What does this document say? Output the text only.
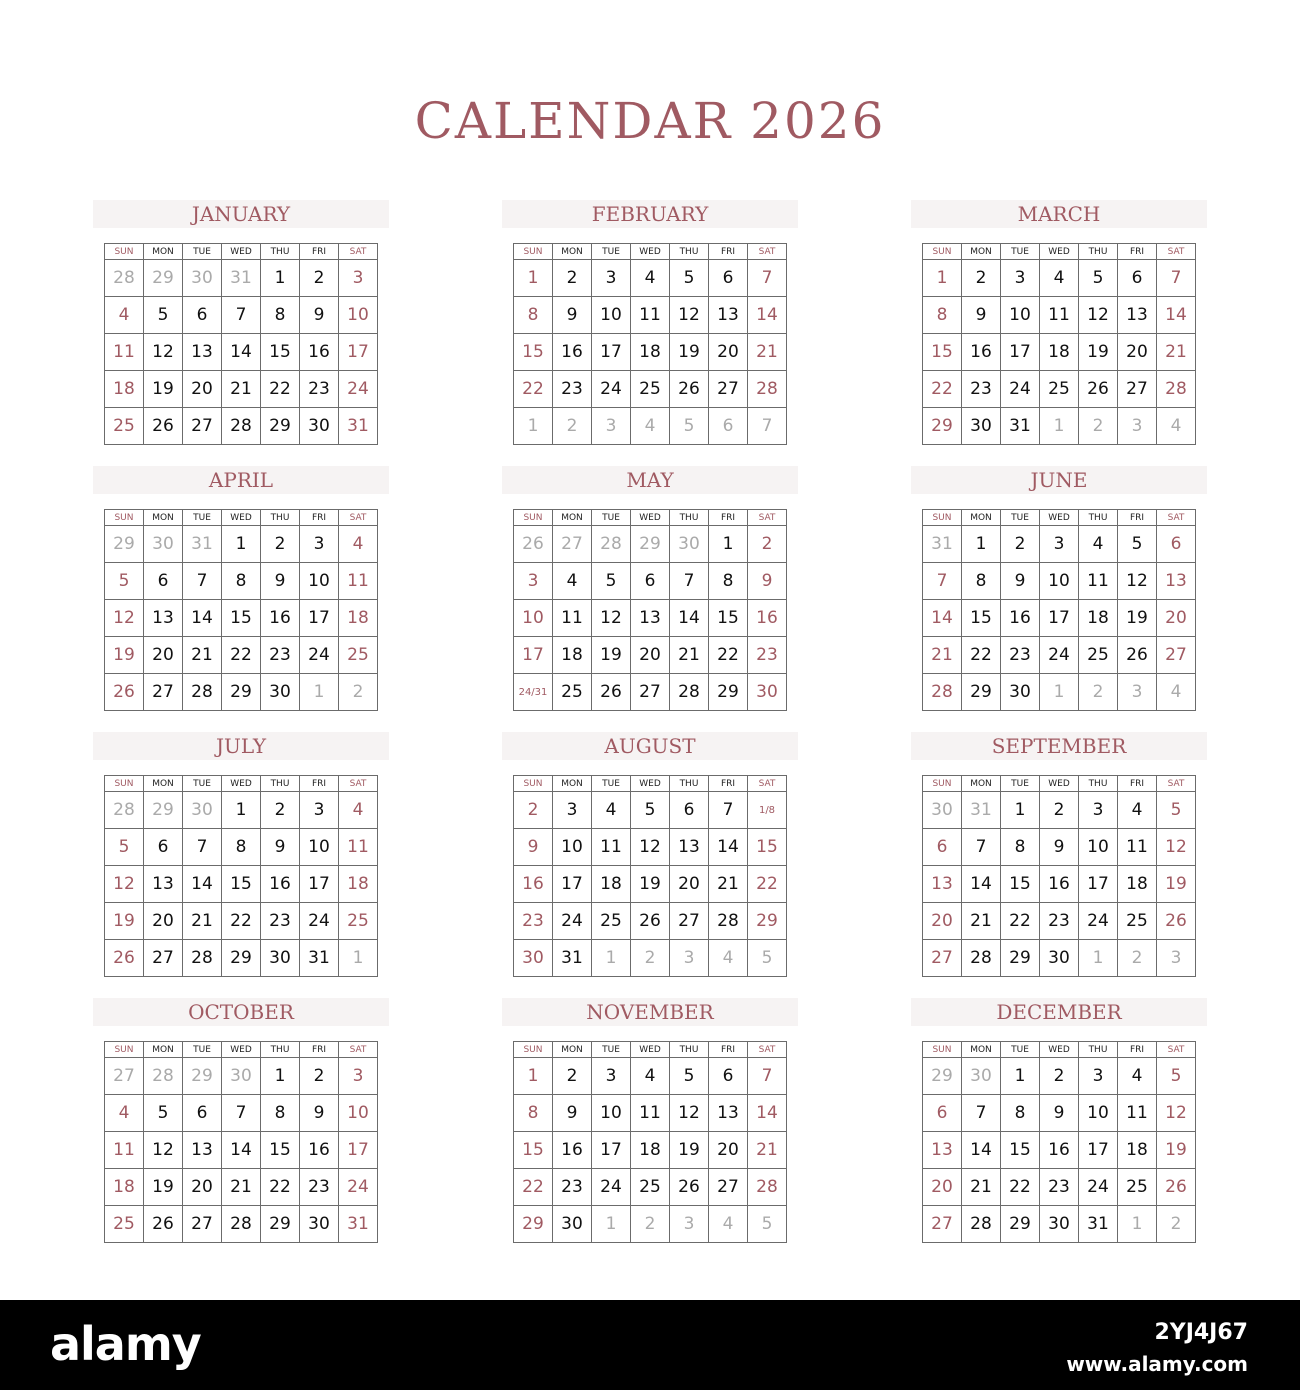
CALENDAR 2026
JANUARY
SUN	MON	TUE	WED	THU	FRI	SAT
28	29	30	31	1	2	3
4	5	6	7	8	9	10
11	12	13	14	15	16	17
18	19	20	21	22	23	24
25	26	27	28	29	30	31
FEBRUARY
SUN	MON	TUE	WED	THU	FRI	SAT
1	2	3	4	5	6	7
8	9	10	11	12	13	14
15	16	17	18	19	20	21
22	23	24	25	26	27	28
1	2	3	4	5	6	7
MARCH
SUN	MON	TUE	WED	THU	FRI	SAT
1	2	3	4	5	6	7
8	9	10	11	12	13	14
15	16	17	18	19	20	21
22	23	24	25	26	27	28
29	30	31	1	2	3	4
APRIL
SUN	MON	TUE	WED	THU	FRI	SAT
29	30	31	1	2	3	4
5	6	7	8	9	10	11
12	13	14	15	16	17	18
19	20	21	22	23	24	25
26	27	28	29	30	1	2
MAY
SUN	MON	TUE	WED	THU	FRI	SAT
26	27	28	29	30	1	2
3	4	5	6	7	8	9
10	11	12	13	14	15	16
17	18	19	20	21	22	23
24/31	25	26	27	28	29	30
JUNE
SUN	MON	TUE	WED	THU	FRI	SAT
31	1	2	3	4	5	6
7	8	9	10	11	12	13
14	15	16	17	18	19	20
21	22	23	24	25	26	27
28	29	30	1	2	3	4
JULY
SUN	MON	TUE	WED	THU	FRI	SAT
28	29	30	1	2	3	4
5	6	7	8	9	10	11
12	13	14	15	16	17	18
19	20	21	22	23	24	25
26	27	28	29	30	31	1
AUGUST
SUN	MON	TUE	WED	THU	FRI	SAT
2	3	4	5	6	7	1/8
9	10	11	12	13	14	15
16	17	18	19	20	21	22
23	24	25	26	27	28	29
30	31	1	2	3	4	5
SEPTEMBER
SUN	MON	TUE	WED	THU	FRI	SAT
30	31	1	2	3	4	5
6	7	8	9	10	11	12
13	14	15	16	17	18	19
20	21	22	23	24	25	26
27	28	29	30	1	2	3
OCTOBER
SUN	MON	TUE	WED	THU	FRI	SAT
27	28	29	30	1	2	3
4	5	6	7	8	9	10
11	12	13	14	15	16	17
18	19	20	21	22	23	24
25	26	27	28	29	30	31
NOVEMBER
SUN	MON	TUE	WED	THU	FRI	SAT
1	2	3	4	5	6	7
8	9	10	11	12	13	14
15	16	17	18	19	20	21
22	23	24	25	26	27	28
29	30	1	2	3	4	5
DECEMBER
SUN	MON	TUE	WED	THU	FRI	SAT
29	30	1	2	3	4	5
6	7	8	9	10	11	12
13	14	15	16	17	18	19
20	21	22	23	24	25	26
27	28	29	30	31	1	2
alamy	2YJ4J67
www.alamy.com
